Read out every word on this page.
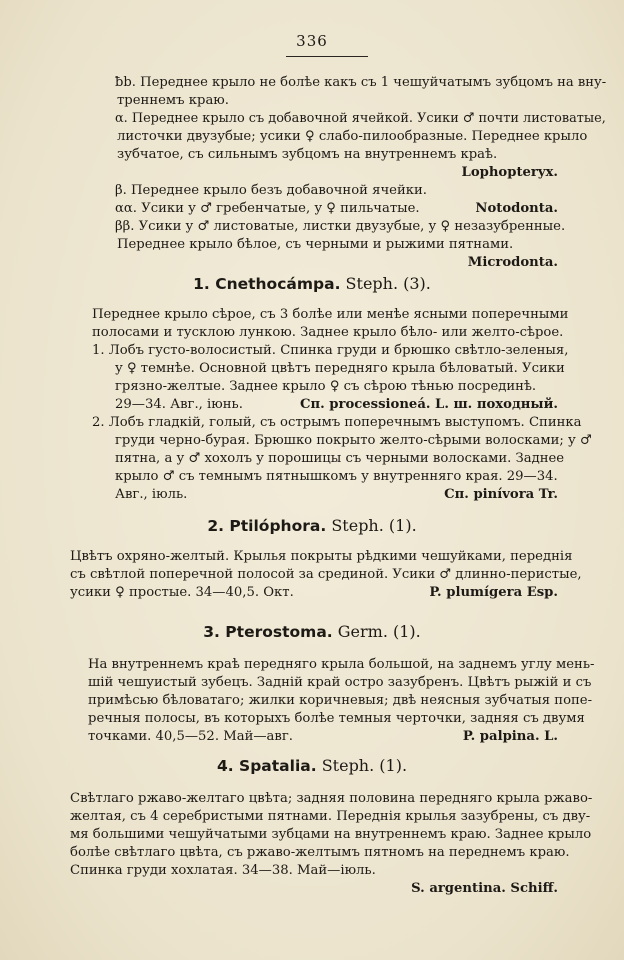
336
ƀb. Переднее крыло не болѣе какъ съ 1 чешуйчатымъ зубцомъ на вну-
треннемъ краю.
α. Переднее крыло съ добавочной ячейкой. Усики ♂ почти листоватые,
листочки двузубые; усики ♀ слабо-пилообразные. Переднее крыло
зубчатое, съ сильнымъ зубцомъ на внутреннемъ краѣ.
Lophopteryx.
β. Переднее крыло безъ добавочной ячейки.
αα. Усики у ♂ гребенчатые, у ♀ пильчатые.	Notodonta.
ββ. Усики у ♂ листоватые, листки двузубые, у ♀ незазубренные.
Переднее крыло бѣлое, съ черными и рыжими пятнами.
Microdonta.
1. Cnethocámpa. Steph. (3).
Переднее крыло сѣрое, съ 3 болѣе или менѣе ясными поперечными
полосами и тусклою лункою. Заднее крыло бѣло- или желто-сѣрое.
1. Лобъ густо-волосистый. Спинка груди и брюшко свѣтло-зеленыя,
у ♀ темнѣе. Основной цвѣтъ передняго крыла бѣловатый. Усики
грязно-желтые. Заднее крыло ♀ съ сѣрою тѣнью посрединѣ.
29—34. Авг., іюнь.	Сп. processioneá. L. ш. походный.
2. Лобъ гладкій, голый, съ острымъ поперечнымъ выступомъ. Спинка
груди черно-бурая. Брюшко покрыто желто-сѣрыми волосками; у ♂
пятна, а у ♂ хохолъ у порошицы съ черными волосками. Заднее
крыло ♂ съ темнымъ пятнышкомъ у внутренняго края. 29—34.
Авг., іюль.	Сп. pinívora Tr.
2. Ptilóphora. Steph. (1).
Цвѣтъ охряно-желтый. Крылья покрыты рѣдкими чешуйками, переднія
съ свѣтлой поперечной полосой за срединой. Усики ♂ длинно-перистые,
усики ♀ простые. 34—40,5. Окт.	P. plumígera Esp.
3. Pterostoma. Germ. (1).
На внутреннемъ краѣ передняго крыла большой, на заднемъ углу мень-
шій чешуистый зубецъ. Задній край остро зазубренъ. Цвѣтъ рыжій и съ
примѣсью бѣловатаго; жилки коричневыя; двѣ неясныя зубчатыя попе-
речныя полосы, въ которыхъ болѣе темныя черточки, задняя съ двумя
точками. 40,5—52. Май—авг.	P. palpina. L.
4. Spatalia. Steph. (1).
Свѣтлаго ржаво-желтаго цвѣта; задняя половина передняго крыла ржаво-
желтая, съ 4 серебристыми пятнами. Переднія крылья зазубрены, съ дву-
мя большими чешуйчатыми зубцами на внутреннемъ краю. Заднее крыло
болѣе свѣтлаго цвѣта, съ ржаво-желтымъ пятномъ на переднемъ краю.
Спинка груди хохлатая. 34—38. Май—іюль.
S. argentina. Schiff.
